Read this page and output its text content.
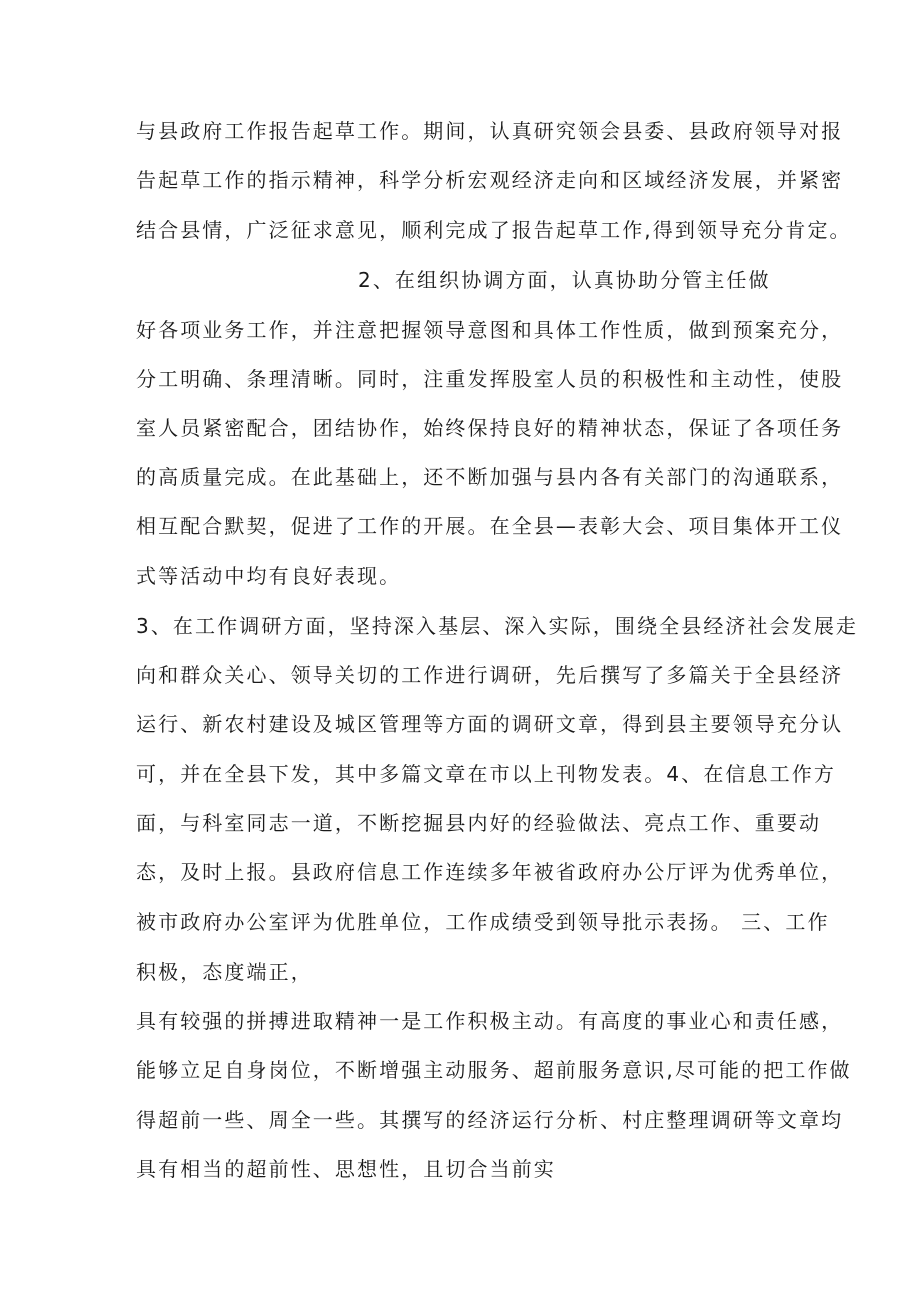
与县政府工作报告起草工作。期间，认真研究领会县委、县政府领导对报
告起草工作的指示精神，科学分析宏观经济走向和区域经济发展，并紧密
结合县情，广泛征求意见，顺利完成了报告起草工作,得到领导充分肯定。
2、在组织协调方面，认真协助分管主任做
好各项业务工作，并注意把握领导意图和具体工作性质，做到预案充分，
分工明确、条理清晰。同时，注重发挥股室人员的积极性和主动性，使股
室人员紧密配合，团结协作，始终保持良好的精神状态，保证了各项任务
的高质量完成。在此基础上，还不断加强与县内各有关部门的沟通联系，
相互配合默契，促进了工作的开展。在全县—表彰大会、项目集体开工仪
式等活动中均有良好表现。
3、在工作调研方面，坚持深入基层、深入实际，围绕全县经济社会发展走
向和群众关心、领导关切的工作进行调研，先后撰写了多篇关于全县经济
运行、新农村建设及城区管理等方面的调研文章，得到县主要领导充分认
可，并在全县下发，其中多篇文章在市以上刊物发表。4、在信息工作方
面，与科室同志一道，不断挖掘县内好的经验做法、亮点工作、重要动
态，及时上报。县政府信息工作连续多年被省政府办公厅评为优秀单位，
被市政府办公室评为优胜单位，工作成绩受到领导批示表扬。 三、工作
积极，态度端正，
具有较强的拼搏进取精神一是工作积极主动。有高度的事业心和责任感，
能够立足自身岗位，不断增强主动服务、超前服务意识,尽可能的把工作做
得超前一些、周全一些。其撰写的经济运行分析、村庄整理调研等文章均
具有相当的超前性、思想性，且切合当前实
